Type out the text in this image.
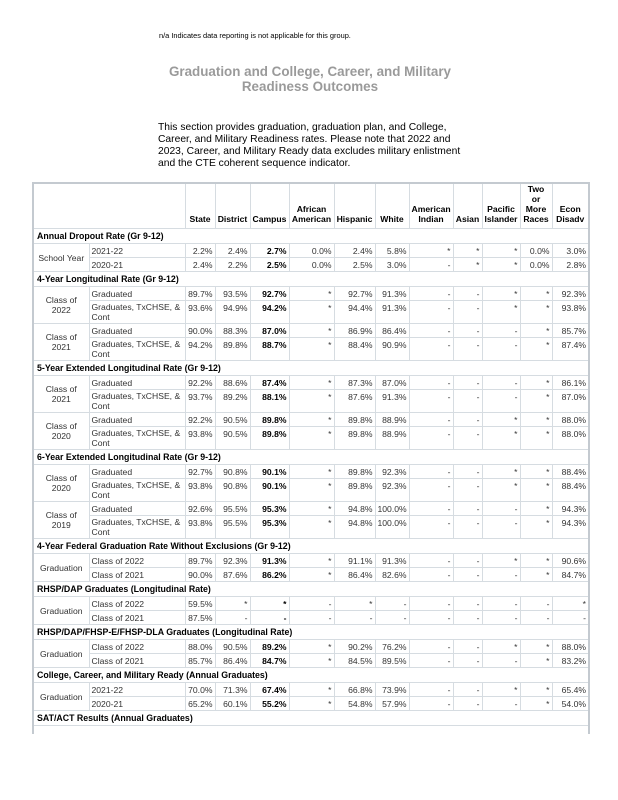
n/a Indicates data reporting is not applicable for this group.
Graduation and College, Career, and Military Readiness Outcomes
This section provides graduation, graduation plan, and College, Career, and Military Readiness rates. Please note that 2022 and 2023, Career, and Military Ready data excludes military enlistment and the CTE coherent sequence indicator.
		State	District	Campus	African American	Hispanic	White	American Indian	Asian	Pacific Islander	Two or More Races	Econ Disadv
Annual Dropout Rate (Gr 9-12)												
School Year	2021-22	2.2%	2.4%	2.7%	0.0%	2.4%	5.8%	*	*	*	0.0%	3.0%
	2020-21	2.4%	2.2%	2.5%	0.0%	2.5%	3.0%	-	*	*	0.0%	2.8%
4-Year Longitudinal Rate (Gr 9-12)												
Class of 2022	Graduated	89.7%	93.5%	92.7%	*	92.7%	91.3%	-	-	*	*	92.3%
	Graduates, TxCHSE, & Cont	93.6%	94.9%	94.2%	*	94.4%	91.3%	-	-	*	*	93.8%
Class of 2021	Graduated	90.0%	88.3%	87.0%	*	86.9%	86.4%	-	-	-	*	85.7%
	Graduates, TxCHSE, & Cont	94.2%	89.8%	88.7%	*	88.4%	90.9%	-	-	-	*	87.4%
5-Year Extended Longitudinal Rate (Gr 9-12)												
Class of 2021	Graduated	92.2%	88.6%	87.4%	*	87.3%	87.0%	-	-	-	*	86.1%
	Graduates, TxCHSE, & Cont	93.7%	89.2%	88.1%	*	87.6%	91.3%	-	-	-	*	87.0%
Class of 2020	Graduated	92.2%	90.5%	89.8%	*	89.8%	88.9%	-	-	*	*	88.0%
	Graduates, TxCHSE, & Cont	93.8%	90.5%	89.8%	*	89.8%	88.9%	-	-	*	*	88.0%
6-Year Extended Longitudinal Rate (Gr 9-12)												
Class of 2020	Graduated	92.7%	90.8%	90.1%	*	89.8%	92.3%	-	-	*	*	88.4%
	Graduates, TxCHSE, & Cont	93.8%	90.8%	90.1%	*	89.8%	92.3%	-	-	*	*	88.4%
Class of 2019	Graduated	92.6%	95.5%	95.3%	*	94.8%	100.0%	-	-	-	*	94.3%
	Graduates, TxCHSE, & Cont	93.8%	95.5%	95.3%	*	94.8%	100.0%	-	-	-	*	94.3%
4-Year Federal Graduation Rate Without Exclusions (Gr 9-12)												
Graduation	Class of 2022	89.7%	92.3%	91.3%	*	91.1%	91.3%	-	-	*	*	90.6%
	Class of 2021	90.0%	87.6%	86.2%	*	86.4%	82.6%	-	-	-	*	84.7%
RHSP/DAP Graduates (Longitudinal Rate)												
Graduation	Class of 2022	59.5%	*	*	-	*	-	-	-	-	-	*
	Class of 2021	87.5%	-	-	-	-	-	-	-	-	-	-
RHSP/DAP/FHSP-E/FHSP-DLA Graduates (Longitudinal Rate)												
Graduation	Class of 2022	88.0%	90.5%	89.2%	*	90.2%	76.2%	-	-	*	*	88.0%
	Class of 2021	85.7%	86.4%	84.7%	*	84.5%	89.5%	-	-	-	*	83.2%
College, Career, and Military Ready (Annual Graduates)												
Graduation	2021-22	70.0%	71.3%	67.4%	*	66.8%	73.9%	-	-	*	*	65.4%
	2020-21	65.2%	60.1%	55.2%	*	54.8%	57.9%	-	-	-	*	54.0%
SAT/ACT Results (Annual Graduates)												
